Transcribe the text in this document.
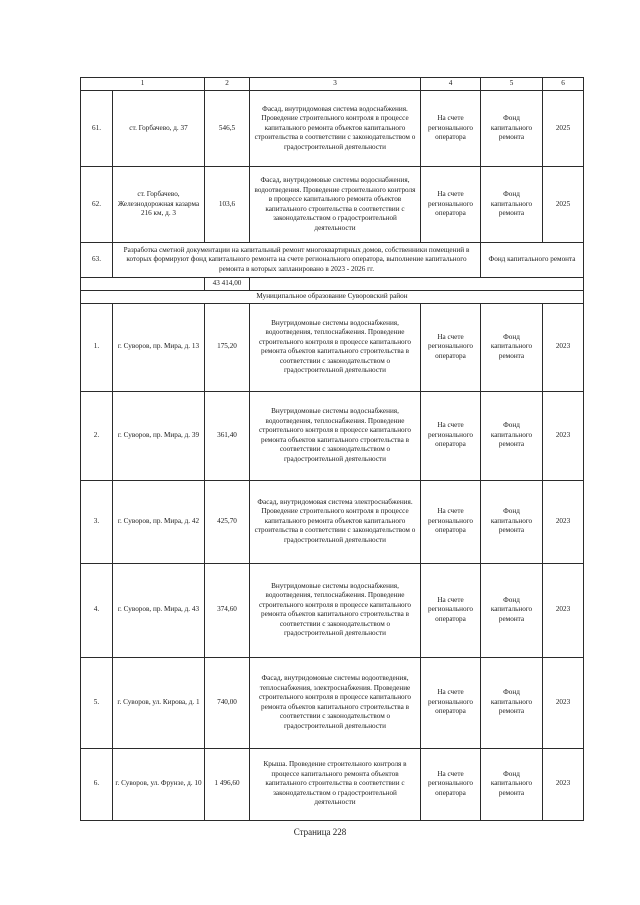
1		2	3	4	5	6
61.	ст. Горбачево, д. 37	546,5	Фасад, внутридомовая система водоснабжения. Проведение строительного контроля в процессе капитального ремонта объектов капитального строительства в соответствии с законодательством о градостроительной деятельности	На счете регионального оператора	Фонд капитального ремонта	2025
62.	ст. Горбачево, Железнодорожная казарма 216 км, д. 3	103,6	Фасад, внутридомовые системы водоснабжения, водоотведения. Проведение строительного контроля в процессе капитального ремонта объектов капитального строительства в соответствии с законодательством о градостроительной деятельности	На счете регионального оператора	Фонд капитального ремонта	2025
63.	Разработка сметной документации на капитальный ремонт многоквартирных домов, собственники помещений в которых формируют фонд капитального ремонта на счете регионального оператора, выполнение капитального ремонта в которых запланировано в 2023 - 2026 гг.				Фонд капитального ремонта	
		43 414,00				
Муниципальное образование Суворовский район						
1.	г. Суворов, пр. Мира, д. 13	175,20	Внутридомовые системы водоснабжения, водоотведения, теплоснабжения. Проведение строительного контроля в процессе капитального ремонта объектов капитального строительства в соответствии с законодательством о градостроительной деятельности	На счете регионального оператора	Фонд капитального ремонта	2023
2.	г. Суворов, пр. Мира, д. 39	361,40	Внутридомовые системы водоснабжения, водоотведения, теплоснабжения. Проведение строительного контроля в процессе капитального ремонта объектов капитального строительства в соответствии с законодательством о градостроительной деятельности	На счете регионального оператора	Фонд капитального ремонта	2023
3.	г. Суворов, пр. Мира, д. 42	425,70	Фасад, внутридомовая система электроснабжения. Проведение строительного контроля в процессе капитального ремонта объектов капитального строительства в соответствии с законодательством о градостроительной деятельности	На счете регионального оператора	Фонд капитального ремонта	2023
4.	г. Суворов, пр. Мира, д. 43	374,60	Внутридомовые системы водоснабжения, водоотведения, теплоснабжения. Проведение строительного контроля в процессе капитального ремонта объектов капитального строительства в соответствии с законодательством о градостроительной деятельности	На счете регионального оператора	Фонд капитального ремонта	2023
5.	г. Суворов, ул. Кирова, д. 1	740,00	Фасад, внутридомовые системы водоотведения, теплоснабжения, электроснабжения. Проведение строительного контроля в процессе капитального ремонта объектов капитального строительства в соответствии с законодательством о градостроительной деятельности	На счете регионального оператора	Фонд капитального ремонта	2023
6.	г. Суворов, ул. Фрунзе, д. 10	1 496,60	Крыша. Проведение строительного контроля в процессе капитального ремонта объектов капитального строительства в соответствии с законодательством о градостроительной деятельности	На счете регионального оператора	Фонд капитального ремонта	2023
Страница 228
